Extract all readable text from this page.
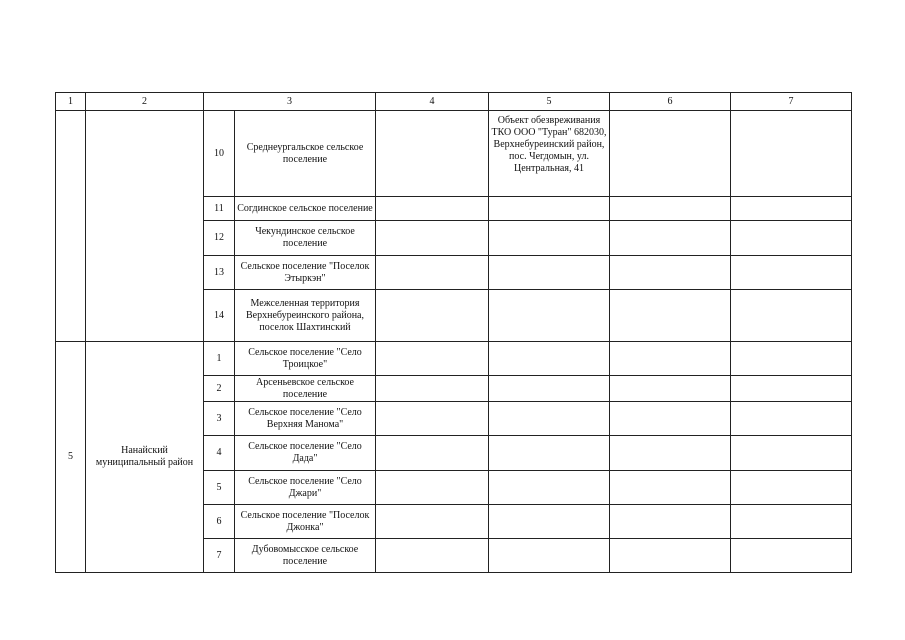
1	2	3		4	5	6	7
		10	Среднеургальское сельское поселение		Объект обезвреживания ТКО ООО "Туран" 682030, Верхнебуреинский район, пос. Чегдомын, ул. Центральная, 41		
		11	Согдинское сельское поселение				
		12	Чекундинское сельское поселение				
		13	Сельское поселение "Поселок Этыркэн"				
		14	Межселенная территория Верхнебуреинского района, поселок Шахтинский				
5	Нанайский муниципальный район	1	Сельское поселение "Село Троицкое"				
		2	Арсеньевское сельское поселение				
		3	Сельское поселение "Село Верхняя Манома"				
		4	Сельское поселение "Село Дада"				
		5	Сельское поселение "Село Джари"				
		6	Сельское поселение "Поселок Джонка"				
		7	Дубовомысское сельское поселение				
